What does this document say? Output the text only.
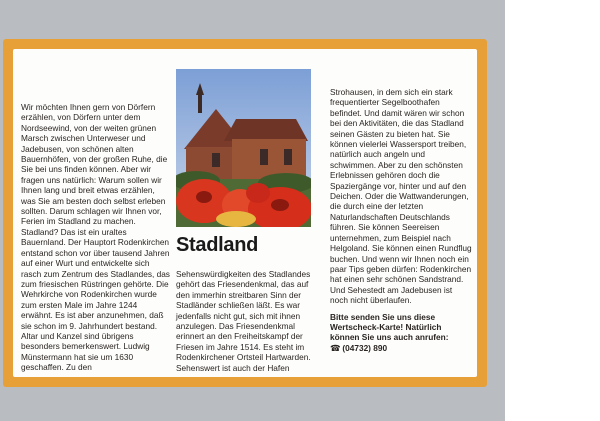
Wir möchten Ihnen gern von Dörfern erzählen, von Dörfern unter dem Nordseewind, von der weiten grünen Marsch zwischen Unterweser und Jadebusen, von schönen alten Bauernhöfen, von der großen Ruhe, die Sie bei uns finden können. Aber wir fragen uns natürlich: Warum sollen wir Ihnen lang und breit etwas erzählen, was Sie am besten doch selbst erleben sollten. Darum schlagen wir Ihnen vor, Ferien im Stadland zu machen. Stadland? Das ist ein uraltes Bauernland. Der Hauptort Rodenkirchen entstand schon vor über tausend Jahren auf einer Wurt und entwickelte sich rasch zum Zentrum des Stadlandes, das zum friesischen Rüstringen gehörte. Die Wehrkirche von Rodenkirchen wurde zum ersten Male im Jahre 1244 erwähnt. Es ist aber anzunehmen, daß sie schon im 9. Jahrhundert bestand. Altar und Kanzel sind übrigens besonders bemerkenswert. Ludwig Münstermann hat sie um 1630 geschaffen. Zu den
Stadland
Sehenswürdigkeiten des Stadlandes gehört das Friesendenkmal, das auf den immerhin streitbaren Sinn der Stadländer schließen läßt. Es war jedenfalls nicht gut, sich mit ihnen anzulegen. Das Friesendenkmal erinnert an den Freiheitskampf der Friesen im Jahre 1514. Es steht im Rodenkirchener Ortsteil Hartwarden. Sehenswert ist auch der Hafen
Strohausen, in dem sich ein stark frequentierter Segelboothafen befindet. Und damit wären wir schon bei den Aktivitäten, die das Stadland seinen Gästen zu bieten hat. Sie können vielerlei Wassersport treiben, natürlich auch angeln und schwimmen. Aber zu den schönsten Erlebnissen gehören doch die Spaziergänge vor, hinter und auf den Deichen. Oder die Wattwanderungen, die durch eine der letzten Naturlandschaften Deutschlands führen. Sie können Seereisen unternehmen, zum Beispiel nach Helgoland. Sie können einen Rundflug buchen. Und wenn wir Ihnen noch ein paar Tips geben dürfen: Rodenkirchen hat einen sehr schönen Sandstrand. Und Sehestedt am Jadebusen ist noch nicht überlaufen.
Bitte senden Sie uns diese Wertscheck-Karte! Natürlich können Sie uns auch anrufen:
☎ (04732) 890
